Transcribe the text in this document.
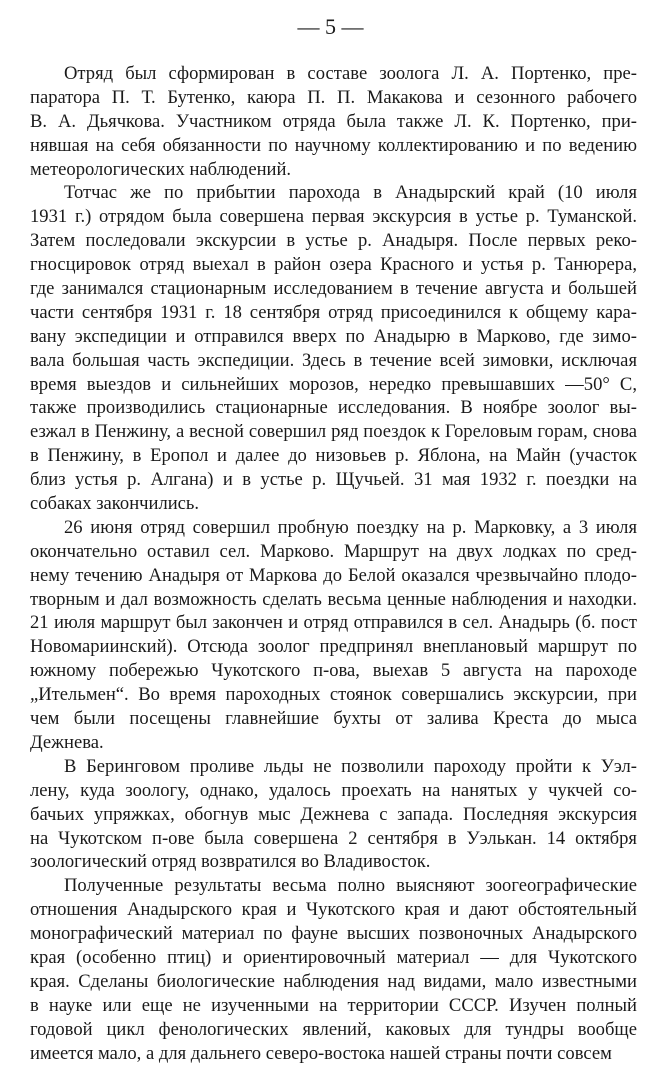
— 5 —
Отряд был сформирован в составе зоолога Л. А. Портенко, пре-
паратора П. Т. Бутенко, каюра П. П. Макакова и сезонного рабочего
В. А. Дьячкова. Участником отряда была также Л. К. Портенко, при-
нявшая на себя обязанности по научному коллектированию и по ведению
метеорологических наблюдений.
Тотчас же по прибытии парохода в Анадырский край (10 июля
1931 г.) отрядом была совершена первая экскурсия в устье р. Туманской.
Затем последовали экскурсии в устье р. Анадыря. После первых реко-
гносцировок отряд выехал в район озера Красного и устья р. Танюрера,
где занимался стационарным исследованием в течение августа и большей
части сентября 1931 г. 18 сентября отряд присоединился к общему кара-
вану экспедиции и отправился вверх по Анадырю в Марково, где зимо-
вала большая часть экспедиции. Здесь в течение всей зимовки, исключая
время выездов и сильнейших морозов, нередко превышавших —50° С,
также производились стационарные исследования. В ноябре зоолог вы-
езжал в Пенжину, а весной совершил ряд поездок к Гореловым горам, снова
в Пенжину, в Еропол и далее до низовьев р. Яблона, на Майн (участок
близ устья р. Алгана) и в устье р. Щучьей. 31 мая 1932 г. поездки на
собаках закончились.
26 июня отряд совершил пробную поездку на р. Марковку, а 3 июля
окончательно оставил сел. Марково. Маршрут на двух лодках по сред-
нему течению Анадыря от Маркова до Белой оказался чрезвычайно плодо-
творным и дал возможность сделать весьма ценные наблюдения и находки.
21 июля маршрут был закончен и отряд отправился в сел. Анадырь (б. пост
Новомариинский). Отсюда зоолог предпринял внеплановый маршрут по
южному побережью Чукотского п-ова, выехав 5 августа на пароходе
„Ительмен“. Во время пароходных стоянок совершались экскурсии, при
чем были посещены главнейшие бухты от залива Креста до мыса
Дежнева.
В Беринговом проливе льды не позволили пароходу пройти к Уэл-
лену, куда зоологу, однако, удалось проехать на нанятых у чукчей со-
бачьих упряжках, обогнув мыс Дежнева с запада. Последняя экскурсия
на Чукотском п-ове была совершена 2 сентября в Уэлькан. 14 октября
зоологический отряд возвратился во Владивосток.
Полученные результаты весьма полно выясняют зоогеографические
отношения Анадырского края и Чукотского края и дают обстоятельный
монографический материал по фауне высших позвоночных Анадырского
края (особенно птиц) и ориентировочный материал — для Чукотского
края. Сделаны биологические наблюдения над видами, мало известными
в науке или еще не изученными на территории СССР. Изучен полный
годовой цикл фенологических явлений, каковых для тундры вообще
имеется мало, а для дальнего северо-востока нашей страны почти совсем
